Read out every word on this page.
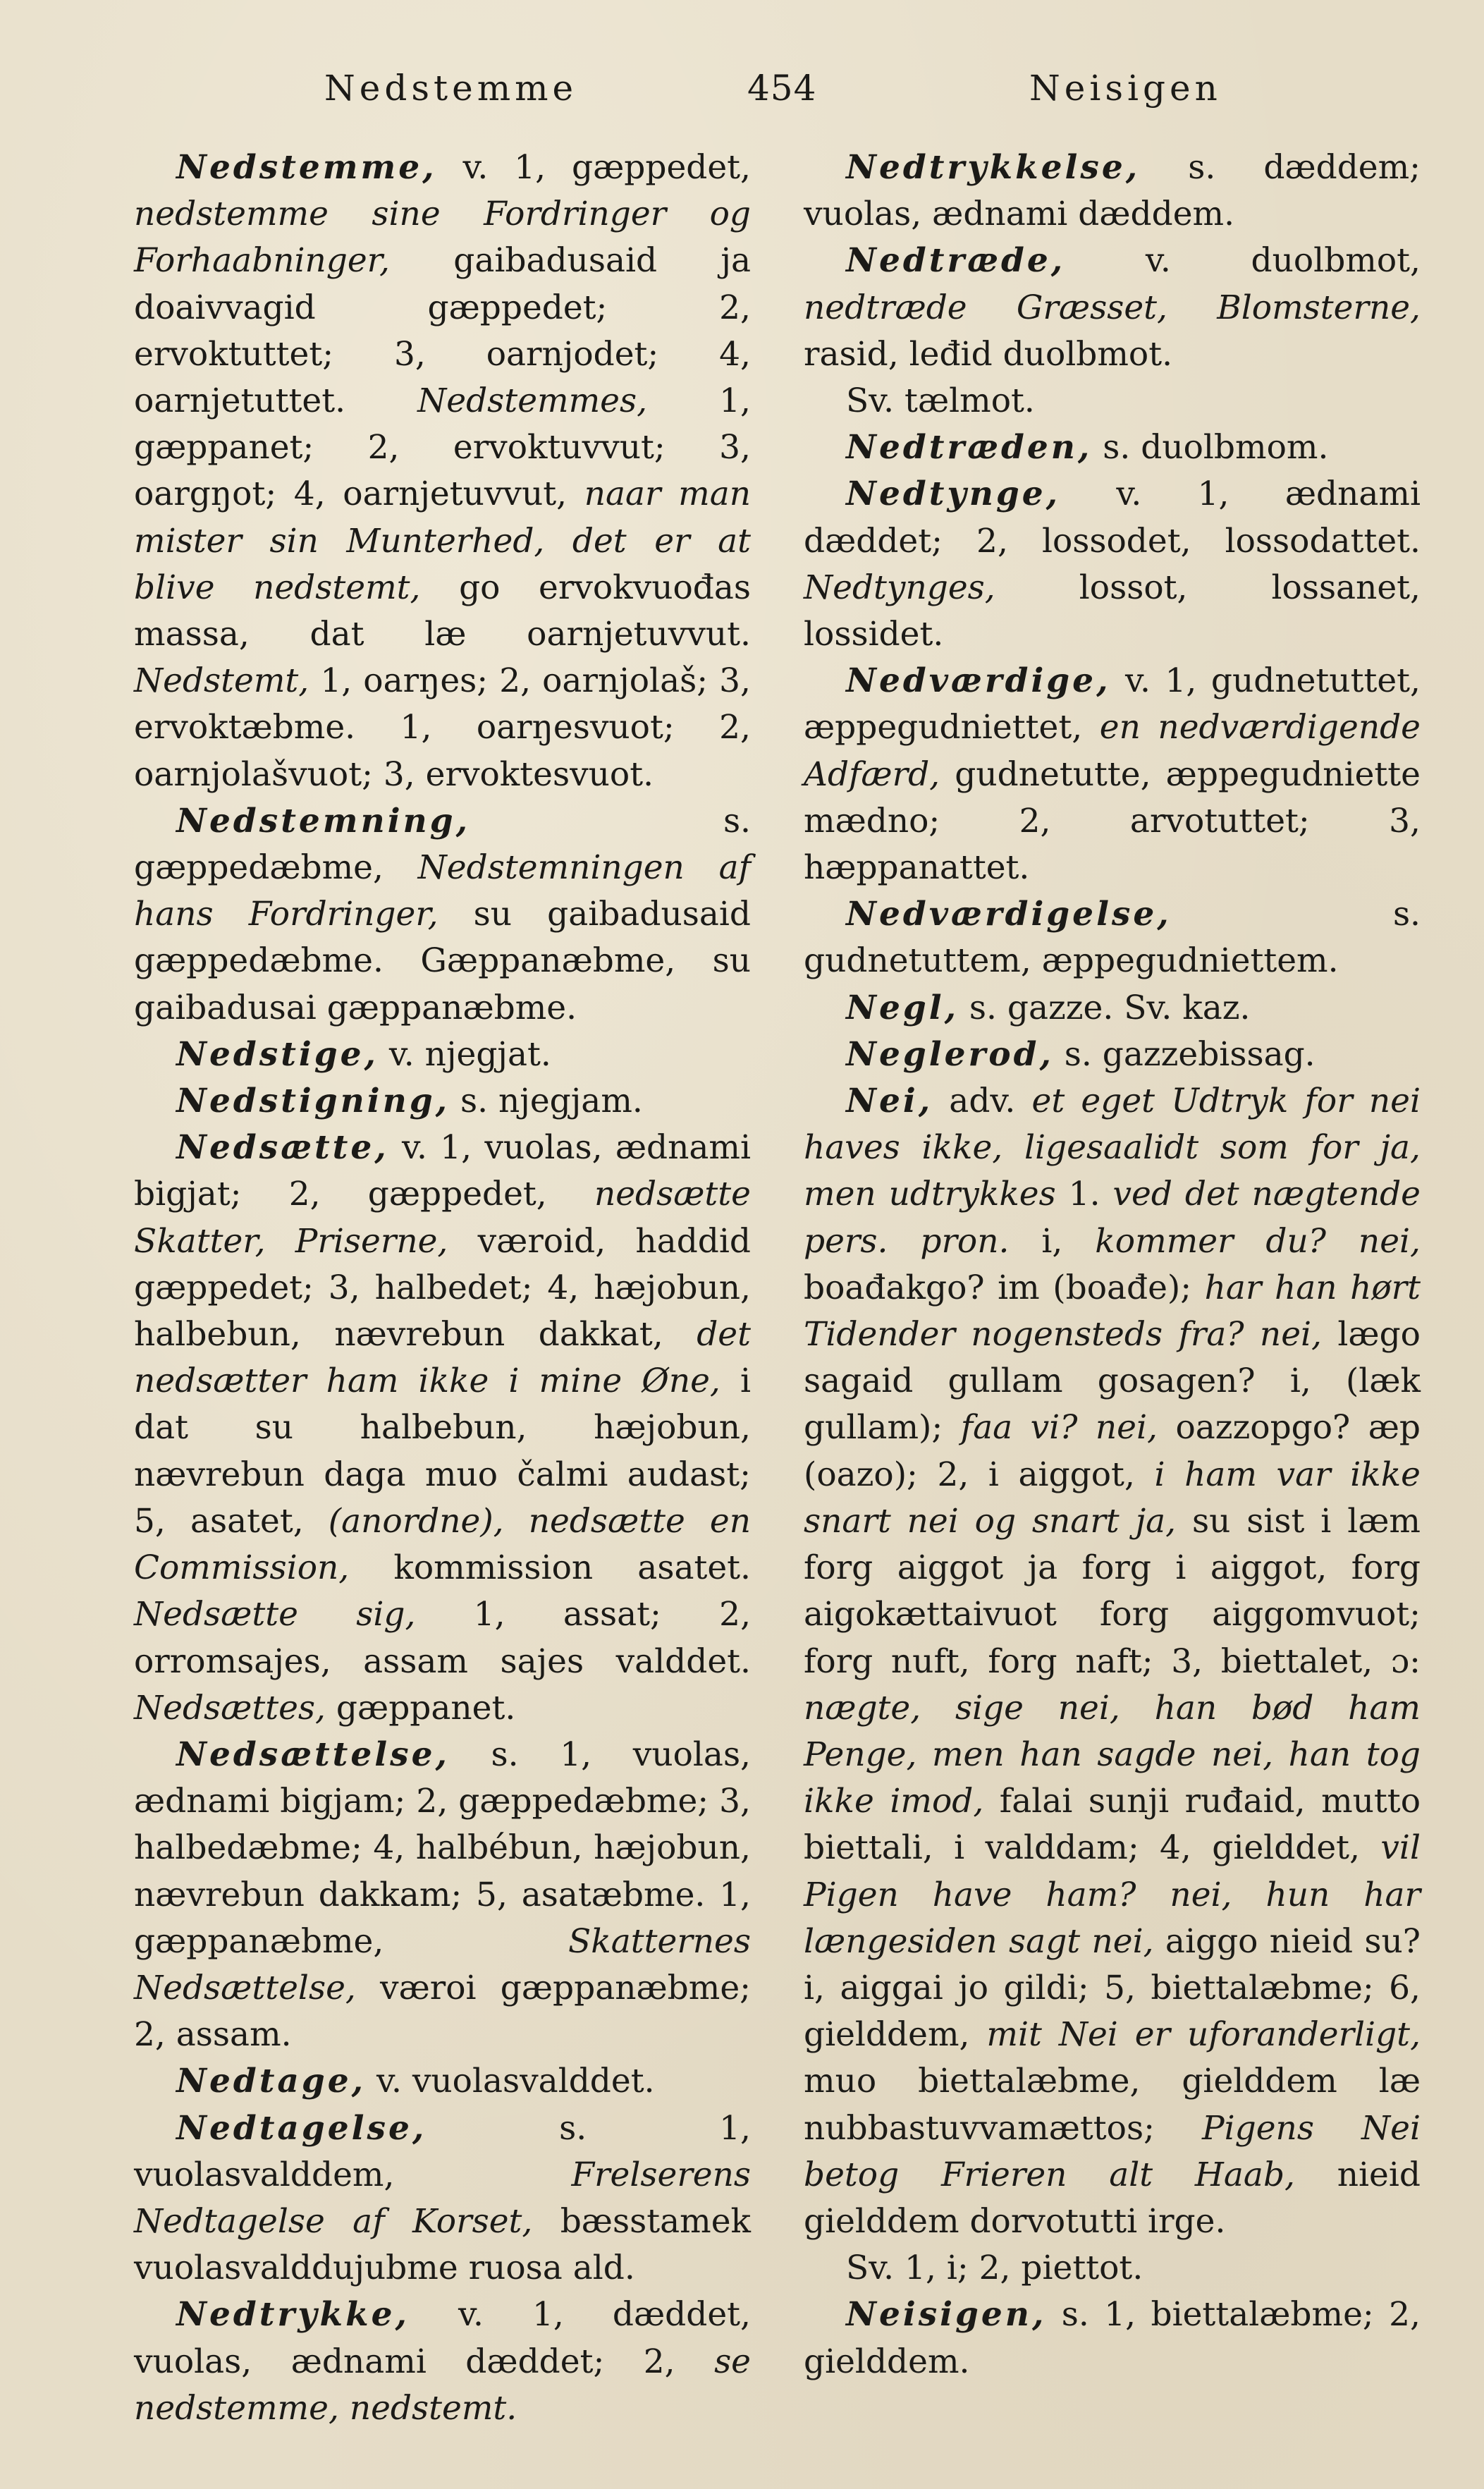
Nedstemme	454	Neisigen

Nedstemme, v. 1, gæppedet, nedstemme sine Fordringer og Forhaabninger, gaibadusaid ja doaivvagid gæppedet; 2, ervoktuttet; 3, oarnjodet; 4, oarnjetuttet. Nedstemmes, 1, gæppanet; 2, ervoktuvvut; 3, oargŋot; 4, oarnjetuvvut, naar man mister sin Munterhed, det er at blive nedstemt, go ervokvuođas massa, dat læ oarnjetuvvut. Nedstemt, 1, oarŋes; 2, oarnjolaš; 3, ervoktæbme. 1, oarŋesvuot; 2, oarnjolašvuot; 3, ervoktesvuot.

Nedstemning, s. gæppedæbme, Nedstemningen af hans Fordringer, su gaibadusaid gæppedæbme. Gæppanæbme, su gaibadusai gæppanæbme.

Nedstige, v. njegjat.

Nedstigning, s. njegjam.

Nedsætte, v. 1, vuolas, ædnami bigjat; 2, gæppedet, nedsætte Skatter, Priserne, væroid, haddid gæppedet; 3, halbedet; 4, hæjobun, halbebun, nævrebun dakkat, det nedsætter ham ikke i mine Øne, i dat su halbebun, hæjobun, nævrebun daga muo čalmi audast; 5, asatet, (anordne), nedsætte en Commission, kommission asatet. Nedsætte sig, 1, assat; 2, orromsajes, assam sajes valddet. Nedsættes, gæppanet.

Nedsættelse, s. 1, vuolas, ædnami bigjam; 2, gæppedæbme; 3, halbedæbme; 4, halbébun, hæjobun, nævrebun dakkam; 5, asatæbme. 1, gæppanæbme, Skatternes Nedsættelse, væroi gæppanæbme; 2, assam.

Nedtage, v. vuolasvalddet.

Nedtagelse, s. 1, vuolasvalddem, Frelserens Nedtagelse af Korset, bæsstamek vuolasvalddujubme ruosa ald.

Nedtrykke, v. 1, dæddet, vuolas, ædnami dæddet; 2, se nedstemme, nedstemt.

Nedtrykkelse, s. dæddem; vuolas, ædnami dæddem.

Nedtræde, v. duolbmot, nedtræde Græsset, Blomsterne, rasid, leđid duolbmot.

Sv. tælmot.

Nedtræden, s. duolbmom.

Nedtynge, v. 1, ædnami dæddet; 2, lossodet, lossodattet. Nedtynges, lossot, lossanet, lossidet.

Nedværdige, v. 1, gudnetuttet, æppegudniettet, en nedværdigende Adfærd, gudnetutte, æppegudniette mædno; 2, arvotuttet; 3, hæppanattet.

Nedværdigelse, s. gudnetuttem, æppegudniettem.

Negl, s. gazze. Sv. kaz.

Neglerod, s. gazzebissag.

Nei, adv. et eget Udtryk for nei haves ikke, ligesaalidt som for ja, men udtrykkes 1. ved det nægtende pers. pron. i, kommer du? nei, boađakgo? im (boađe); har han hørt Tidender nogensteds fra? nei, lægo sagaid gullam gosagen? i, (læk gullam); faa vi? nei, oazzopgo? æp (oazo); 2, i aiggot, i ham var ikke snart nei og snart ja, su sist i læm forg aiggot ja forg i aiggot, forg aigokættaivuot forg aiggomvuot; forg nuft, forg naft; 3, biettalet, ɔ: nægte, sige nei, han bød ham Penge, men han sagde nei, han tog ikke imod, falai sunji ruđaid, mutto biettali, i valddam; 4, gielddet, vil Pigen have ham? nei, hun har længesiden sagt nei, aiggo nieid su? i, aiggai jo gildi; 5, biettalæbme; 6, gielddem, mit Nei er uforanderligt, muo biettalæbme, gielddem læ nubbastuvvamættos; Pigens Nei betog Frieren alt Haab, nieid gielddem dorvotutti irge.

Sv. 1, i; 2, piettot.

Neisigen, s. 1, biettalæbme; 2, gielddem.
